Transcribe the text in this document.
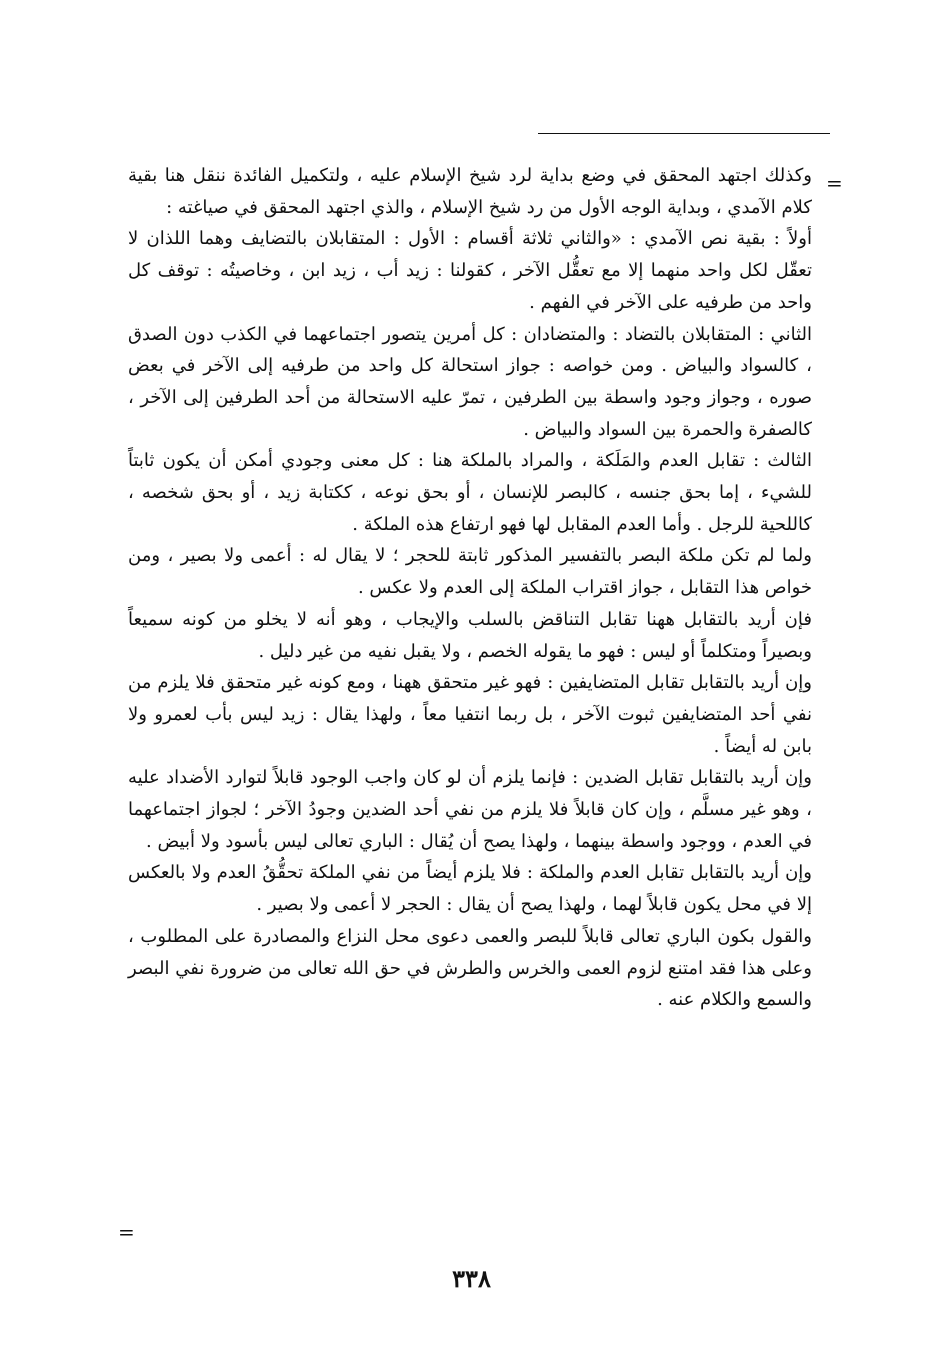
=

وكذلك اجتهد المحقق في وضع بداية لرد شيخ الإسلام عليه ، ولتكميل الفائدة ننقل هنا بقية كلام الآمدي ، وبداية الوجه الأول من رد شيخ الإسلام ، والذي اجتهد المحقق في صياغته :

أولاً : بقية نص الآمدي : «والثاني ثلاثة أقسام : الأول : المتقابلان بالتضايف وهما اللذان لا تعقّل لكل واحد منهما إلا مع تعقُّل الآخر ، كقولنا : زيد أب ، زيد ابن ، وخاصيتُه : توقف كل واحد من طرفيه على الآخر في الفهم .

الثاني : المتقابلان بالتضاد : والمتضادان : كل أمرين يتصور اجتماعهما في الكذب دون الصدق ، كالسواد والبياض . ومن خواصه : جواز استحالة كل واحد من طرفيه إلى الآخر في بعض صوره ، وجواز وجود واسطة بين الطرفين ، تمرّ عليه الاستحالة من أحد الطرفين إلى الآخر ، كالصفرة والحمرة بين السواد والبياض .

الثالث : تقابل العدم والمَلَكة ، والمراد بالملكة هنا : كل معنى وجودي أمكن أن يكون ثابتاً للشيء ، إما بحق جنسه ، كالبصر للإنسان ، أو بحق نوعه ، ككتابة زيد ، أو بحق شخصه ، كاللحية للرجل . وأما العدم المقابل لها فهو ارتفاع هذه الملكة .

ولما لم تكن ملكة البصر بالتفسير المذكور ثابتة للحجر ؛ لا يقال له : أعمى ولا بصير ، ومن خواص هذا التقابل ، جواز اقتراب الملكة إلى العدم ولا عكس .

فإن أريد بالتقابل ههنا تقابل التناقض بالسلب والإيجاب ، وهو أنه لا يخلو من كونه سميعاً وبصيراً ومتكلماً أو ليس : فهو ما يقوله الخصم ، ولا يقبل نفيه من غير دليل .

وإن أريد بالتقابل تقابل المتضايفين : فهو غير متحقق ههنا ، ومع كونه غير متحقق فلا يلزم من نفي أحد المتضايفين ثبوت الآخر ، بل ربما انتفيا معاً ، ولهذا يقال : زيد ليس بأب لعمرو ولا بابن له أيضاً .

وإن أريد بالتقابل تقابل الضدين : فإنما يلزم أن لو كان واجب الوجود قابلاً لتوارد الأضداد عليه ، وهو غير مسلَّم ، وإن كان قابلاً فلا يلزم من نفي أحد الضدين وجودُ الآخر ؛ لجواز اجتماعهما في العدم ، ووجود واسطة بينهما ، ولهذا يصح أن يُقال : الباري تعالى ليس بأسود ولا أبيض .

وإن أريد بالتقابل تقابل العدم والملكة : فلا يلزم أيضاً من نفي الملكة تحقُّقُ العدم ولا بالعكس إلا في محل يكون قابلاً لهما ، ولهذا يصح أن يقال : الحجر لا أعمى ولا بصير .

والقول بكون الباري تعالى قابلاً للبصر والعمى دعوى محل النزاع والمصادرة على المطلوب ، وعلى هذا فقد امتنع لزوم العمى والخرس والطرش في حق الله تعالى من ضرورة نفي البصر والسمع والكلام عنه .

=
٣٣٨
